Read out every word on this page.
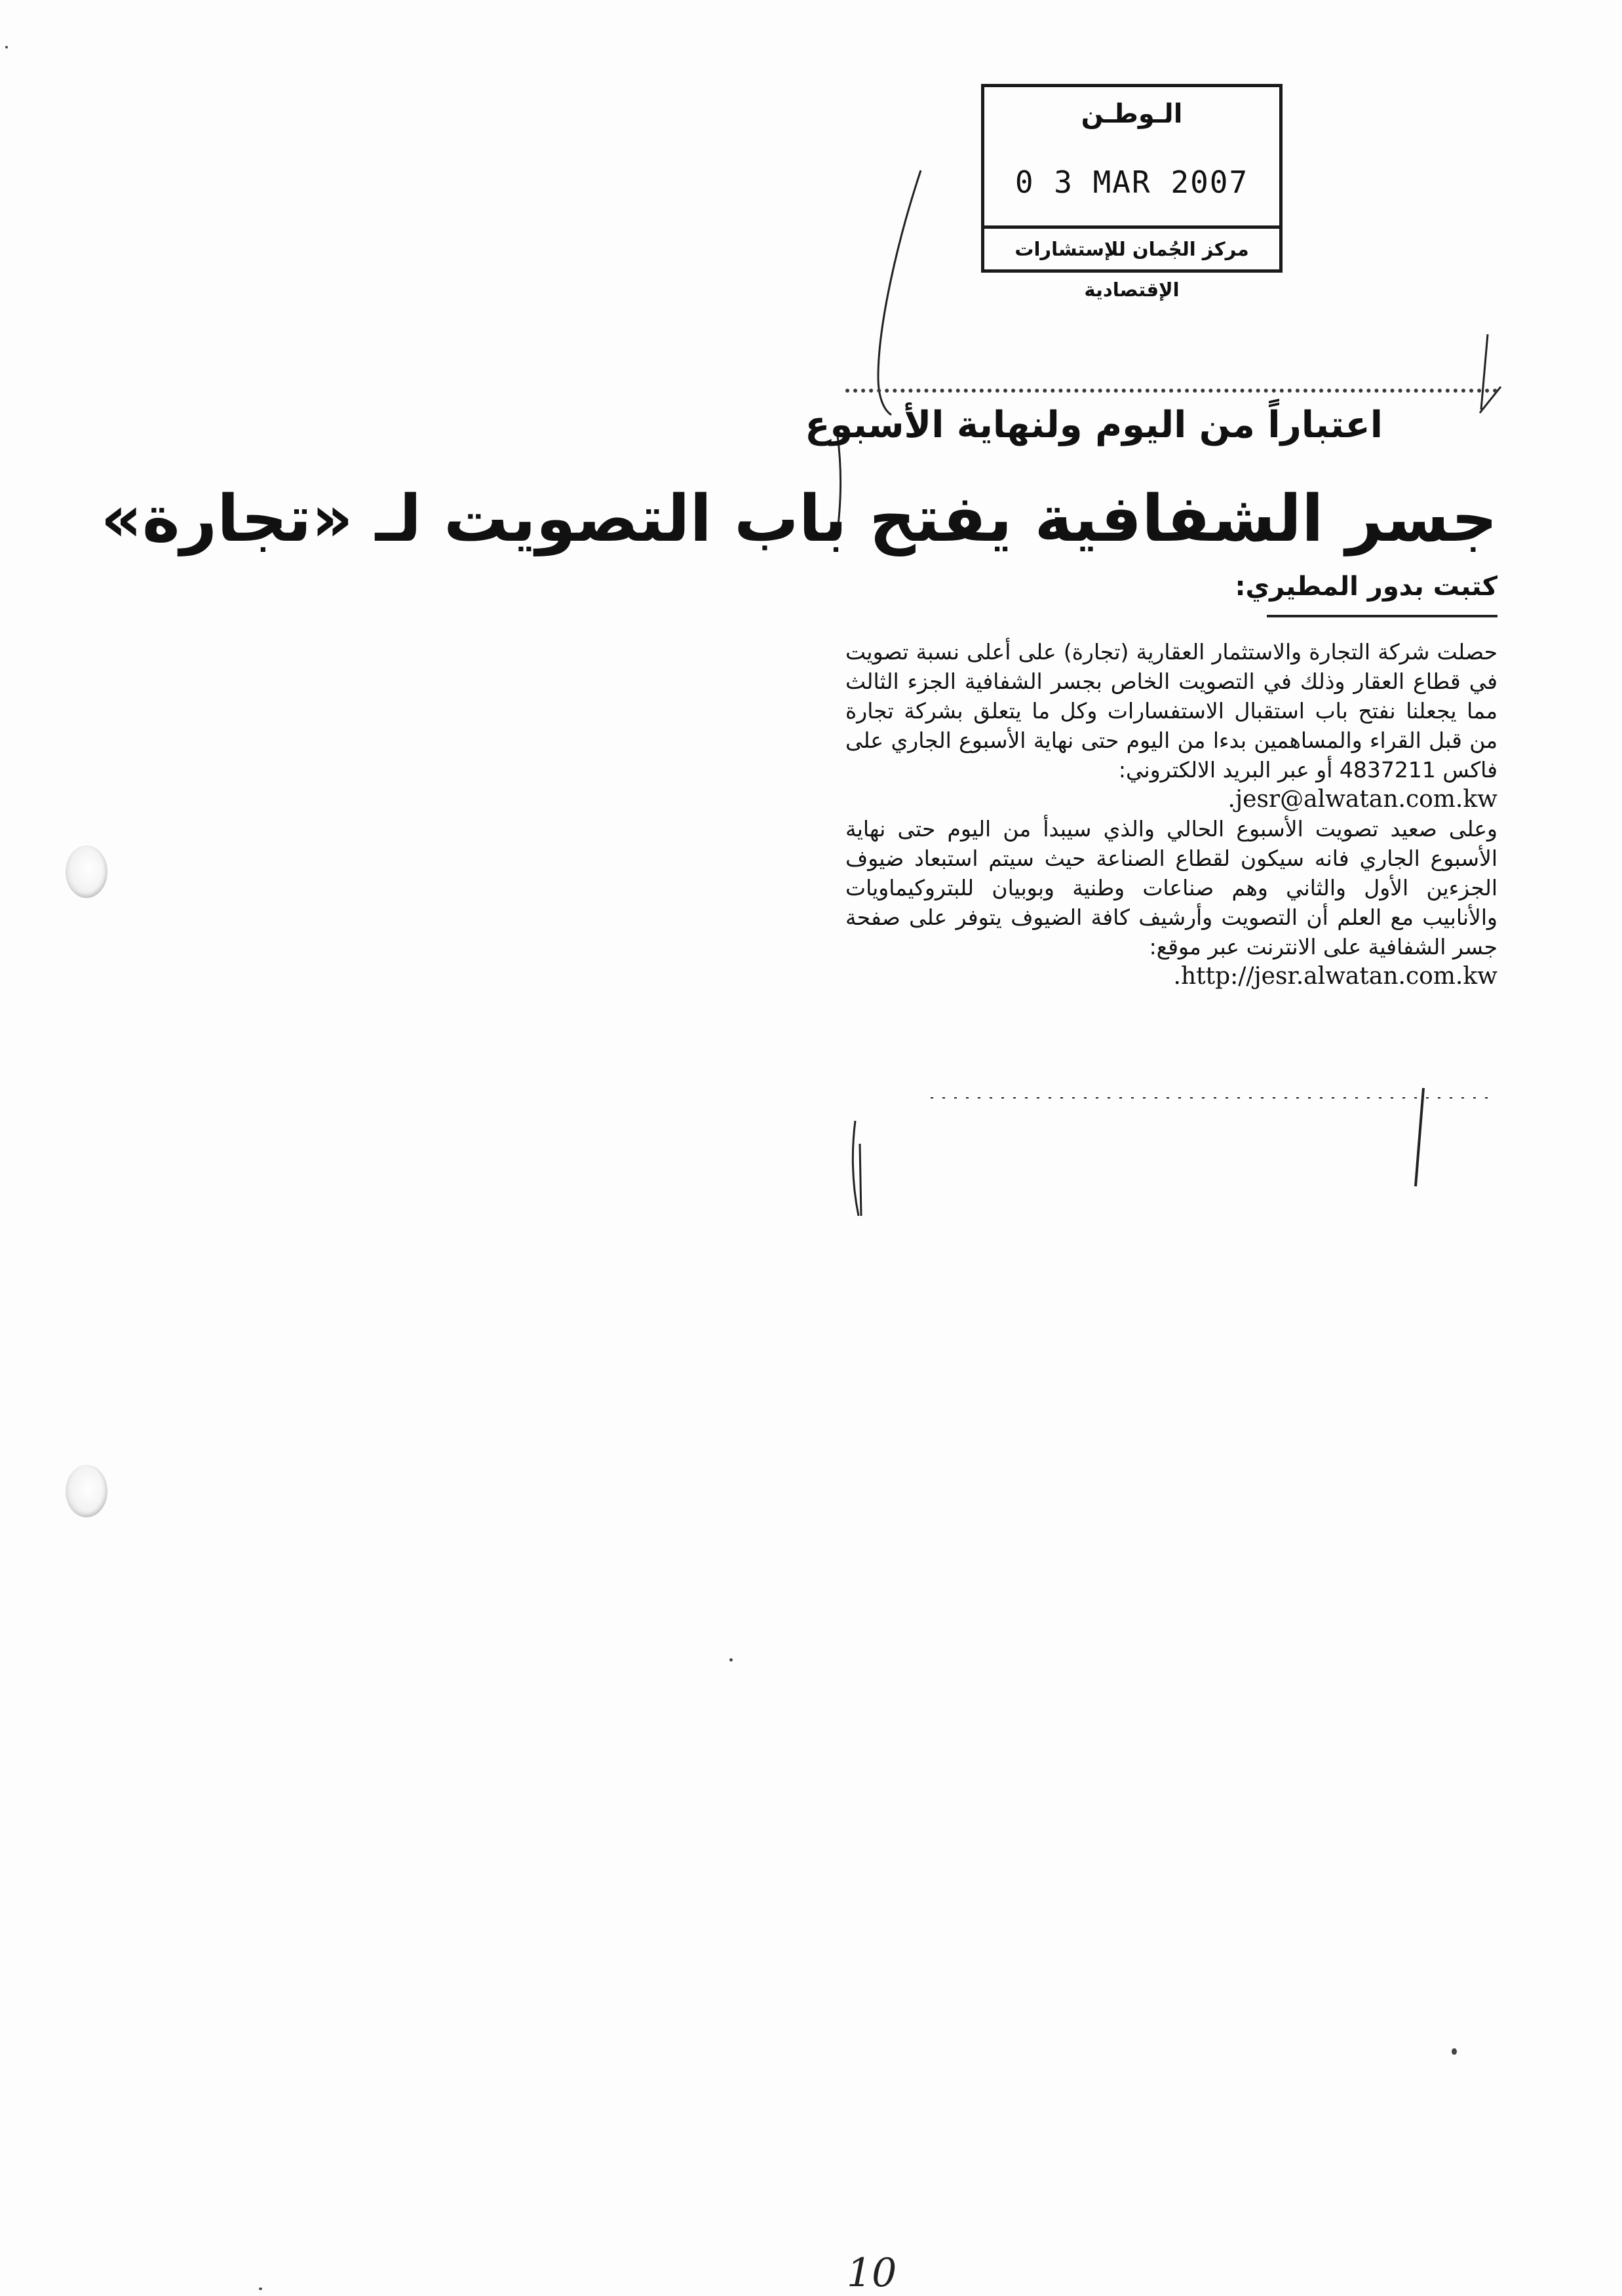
الـوطـن
0 3 MAR 2007
مركز الجُمان للإستشارات الإقتصادية
اعتباراً من اليوم ولنهاية الأسبوع
جسر الشفافية يفتح باب التصويت لـ «تجارة»
كتبت بدور المطيري:
حصلت شركة التجارة والاستثمار العقارية (تجارة) على أعلى نسبة تصويت في قطاع العقار وذلك في التصويت الخاص بجسر الشفافية الجزء الثالث مما يجعلنا نفتح باب استقبال الاستفسارات وكل ما يتعلق بشركة تجارة من قبل القراء والمساهمين بدءا من اليوم حتى نهاية الأسبوع الجاري على فاكس 4837211 أو عبر البريد الالكتروني:
.jesr@alwatan.com.kw
وعلى صعيد تصويت الأسبوع الحالي والذي سيبدأ من اليوم حتى نهاية الأسبوع الجاري فانه سيكون لقطاع الصناعة حيث سيتم استبعاد ضيوف الجزءين الأول والثاني وهم صناعات وطنية وبوبيان للبتروكيماويات والأنابيب مع العلم أن التصويت وأرشيف كافة الضيوف يتوفر على صفحة جسر الشفافية على الانترنت عبر موقع:
.http://jesr.alwatan.com.kw
10
